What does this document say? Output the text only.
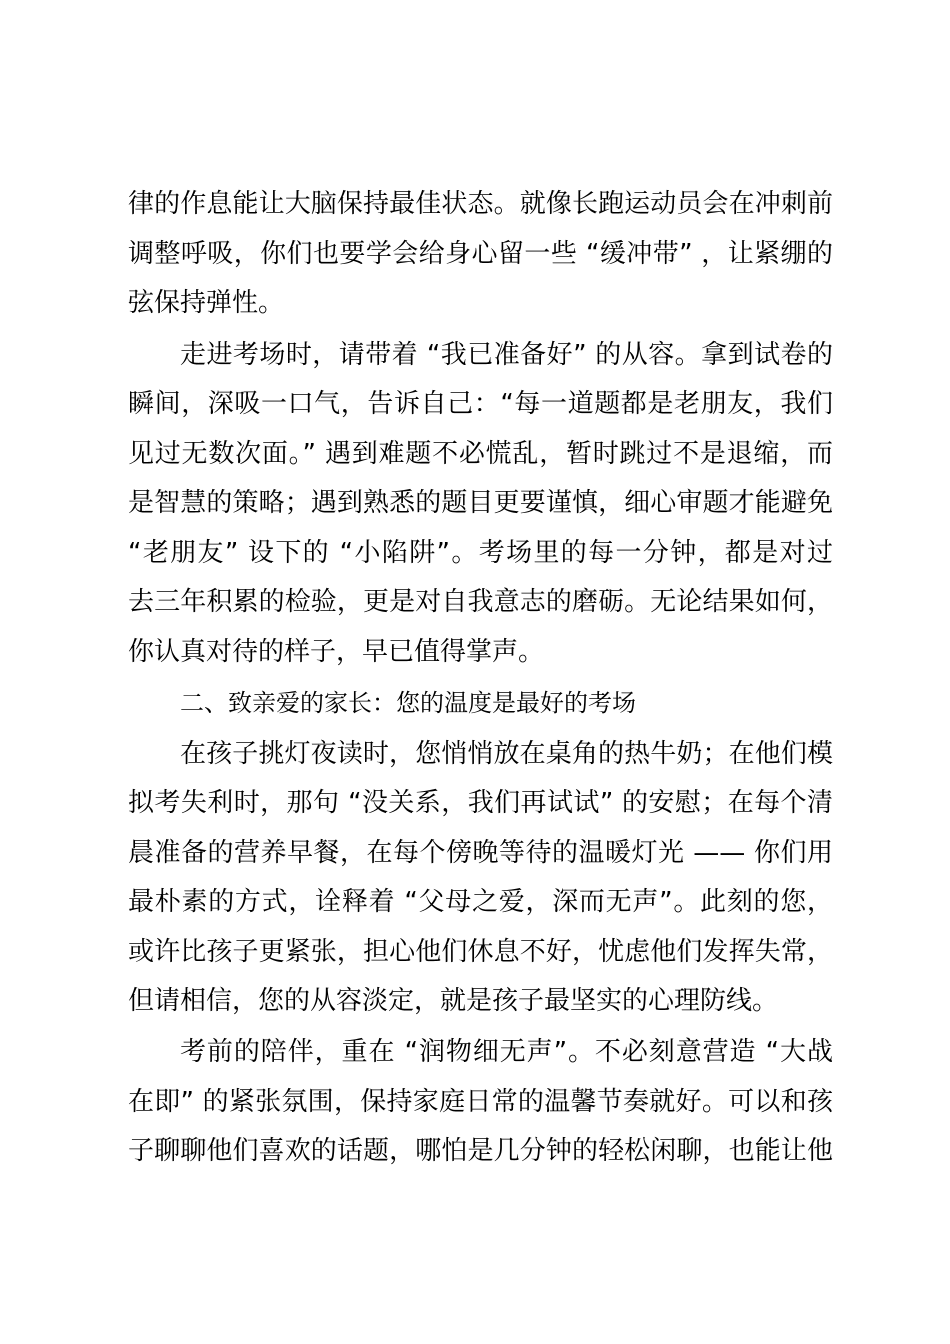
律的作息能让大脑保持最佳状态。就像长跑运动员会在冲刺前

调整呼吸，你们也要学会给身心留一些 “缓冲带” ，让紧绷的

弦保持弹性。

走进考场时，请带着 “我已准备好” 的从容。拿到试卷的

瞬间，深吸一口气，告诉自己：“每一道题都是老朋友，我们

见过无数次面。” 遇到难题不必慌乱，暂时跳过不是退缩，而

是智慧的策略；遇到熟悉的题目更要谨慎，细心审题才能避免

“老朋友” 设下的 “小陷阱”。考场里的每一分钟，都是对过

去三年积累的检验，更是对自我意志的磨砺。无论结果如何，

你认真对待的样子，早已值得掌声。

二、致亲爱的家长：您的温度是最好的考场

在孩子挑灯夜读时，您悄悄放在桌角的热牛奶；在他们模

拟考失利时，那句 “没关系，我们再试试” 的安慰；在每个清

晨准备的营养早餐，在每个傍晚等待的温暖灯光 —— 你们用

最朴素的方式，诠释着 “父母之爱，深而无声”。此刻的您，

或许比孩子更紧张，担心他们休息不好，忧虑他们发挥失常，

但请相信，您的从容淡定，就是孩子最坚实的心理防线。

考前的陪伴，重在 “润物细无声”。不必刻意营造 “大战

在即” 的紧张氛围，保持家庭日常的温馨节奏就好。可以和孩

子聊聊他们喜欢的话题，哪怕是几分钟的轻松闲聊，也能让他
